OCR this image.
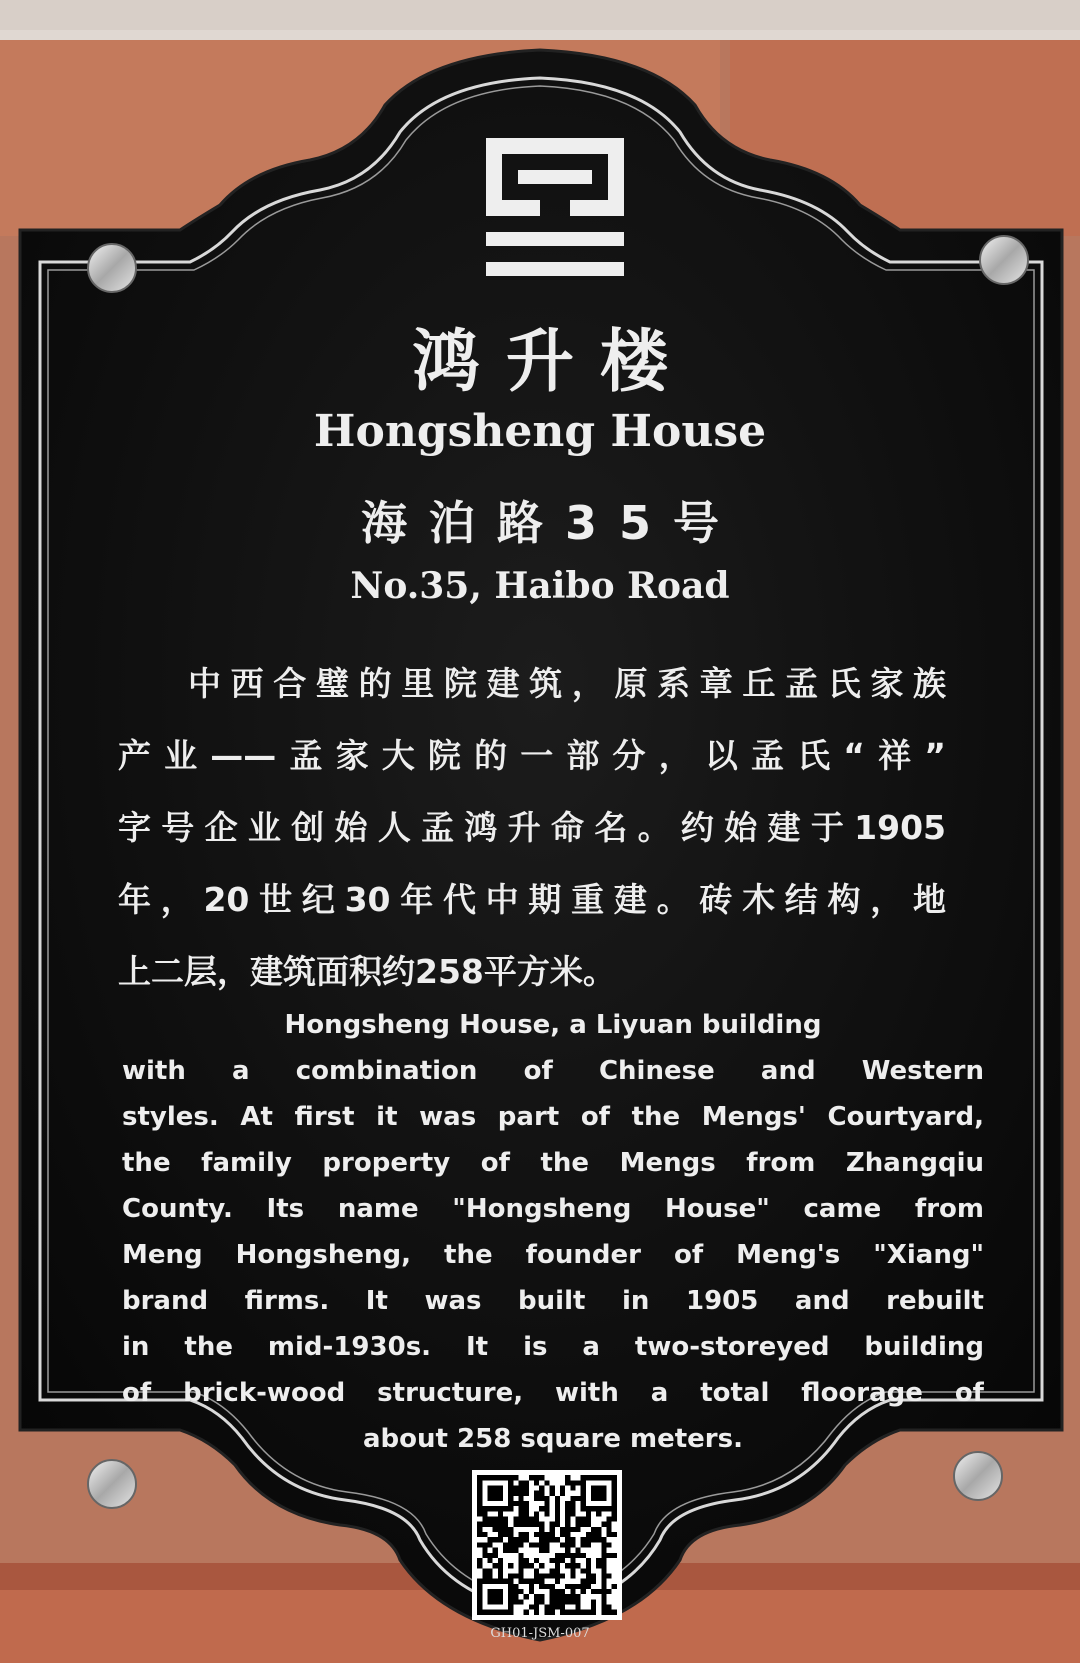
鸿升楼
Hongsheng House
海泊路35号
No.35, Haibo Road
中西合璧的里院建筑，原系章丘孟氏家族
产业——孟家大院的一部分，以孟氏“祥”
字号企业创始人孟鸿升命名。约始建于1905
年，20世纪30年代中期重建。砖木结构，地
上二层，建筑面积约258平方米。
Hongsheng House, a Liyuan building
with a combination of Chinese and Western
styles. At first it was part of the Mengs' Courtyard,
the family property of the Mengs from Zhangqiu
County. Its name "Hongsheng House" came from
Meng Hongsheng, the founder of Meng's "Xiang"
brand firms. It was built in 1905 and rebuilt
in the mid-1930s. It is a two-storeyed building
of brick-wood structure, with a total floorage of
about 258 square meters.
GH01-JSM-007
